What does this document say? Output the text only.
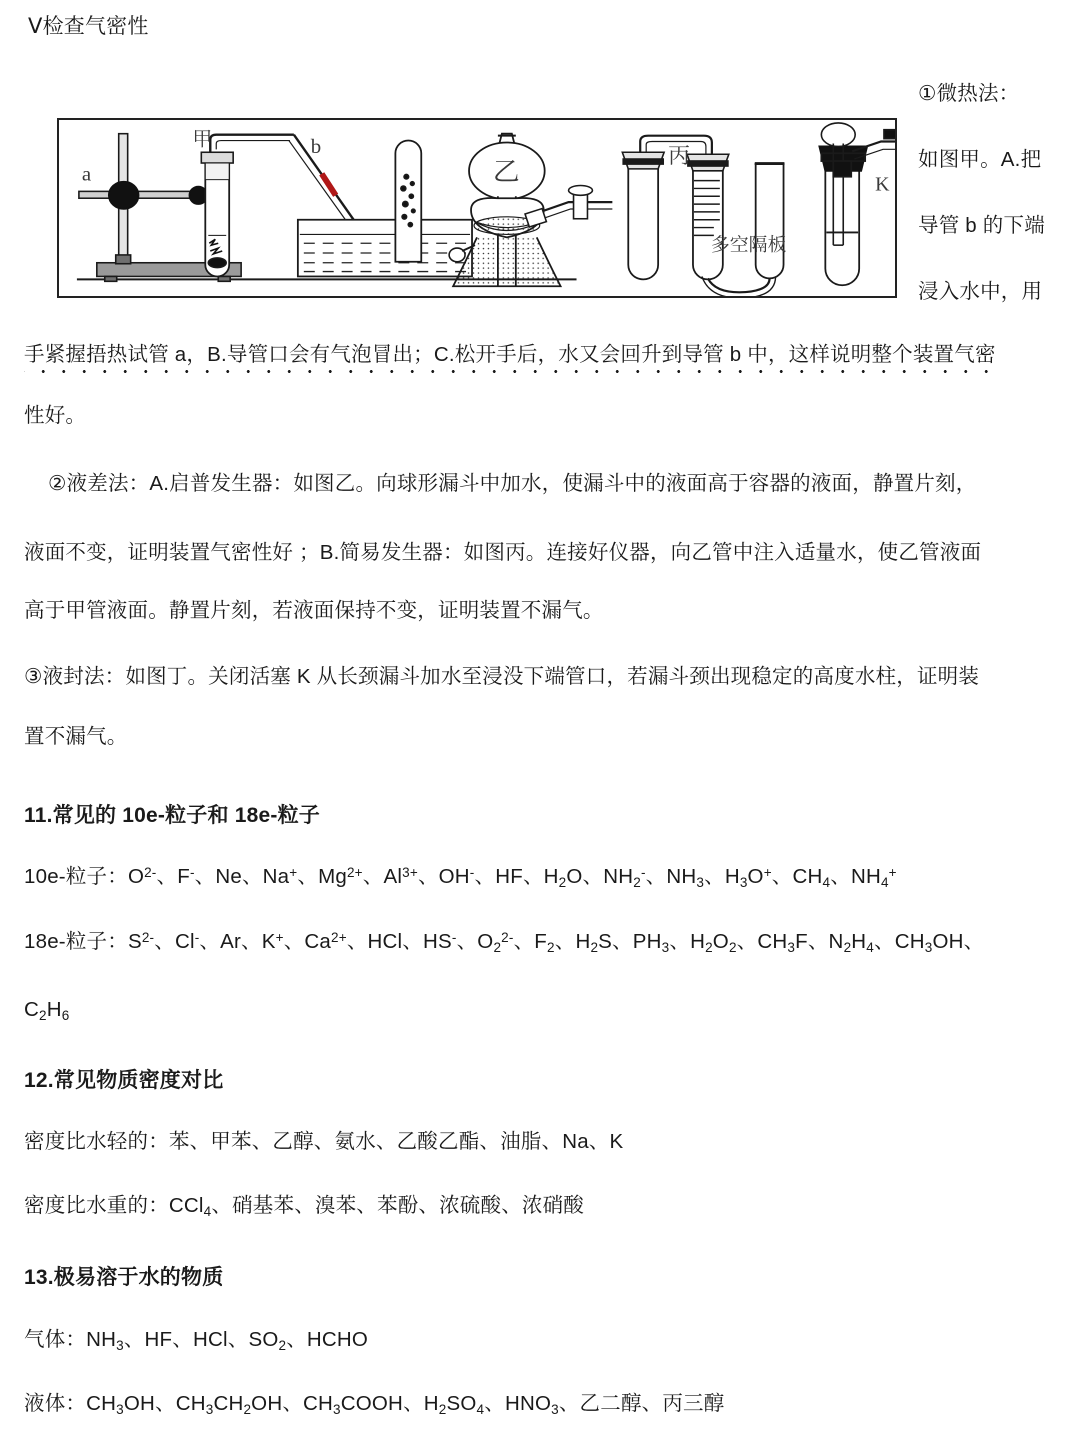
Ⅴ检查气密性
①微热法：
如图甲。A.把
导管 b 的下端
浸入水中，用
a
甲	b
乙
丙
多空隔板
K
手紧握捂热试管 a，B.导管口会有气泡冒出；C.松开手后，水又会回升到导管 b 中，这样说明整个装置气密
性好。
②液差法：A.启普发生器：如图乙。向球形漏斗中加水，使漏斗中的液面高于容器的液面，静置片刻，
液面不变，证明装置气密性好 ；B.简易发生器：如图丙。连接好仪器，向乙管中注入适量水，使乙管液面
高于甲管液面。静置片刻，若液面保持不变，证明装置不漏气。
③液封法：如图丁。关闭活塞 K 从长颈漏斗加水至浸没下端管口，若漏斗颈出现稳定的高度水柱，证明装
置不漏气。
11.常见的 10e-粒子和 18e-粒子
10e-粒子：$O^{2-}$、F-、Ne、Na+、$Mg^{2+}$、$Al^{3+}$、OH-、HF、$H_2O$、$NH_2^-$、$NH_3$、$H_3O^+$、$CH_4$、$NH_4^+$
18e-粒子：$S^{2-}$、Cl-、Ar、K+、$Ca^{2+}$、HCl、HS-、$O_2^{2-}$、$F_2$、$H_2S$、$PH_3$、$H_2O_2$、$CH_3F$、$N_2H_4$、$CH_3OH$、
$C_2H_6$
12.常见物质密度对比
密度比水轻的：苯、甲苯、乙醇、氨水、乙酸乙酯、油脂、Na、K
密度比水重的：CCl$_4$、硝基苯、溴苯、苯酚、浓硫酸、浓硝酸
13.极易溶于水的物质
气体：$NH_3$、HF、HCl、$SO_2$、HCHO
液体：$CH_3OH$、$CH_3CH_2OH$、$CH_3COOH$、$H_2SO_4$、$HNO_3$、乙二醇、丙三醇
